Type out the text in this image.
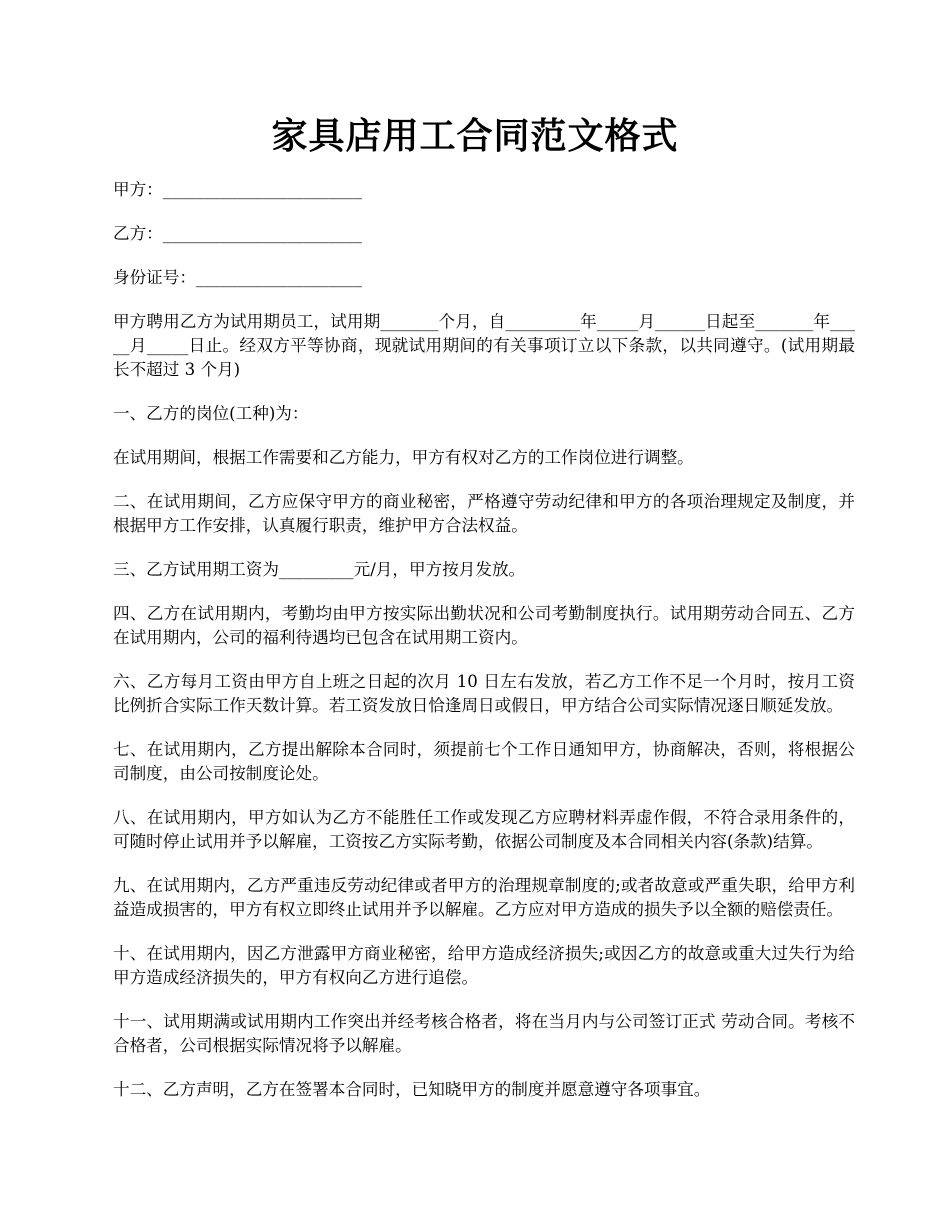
家具店用工合同范文格式

甲方：________________________

乙方：________________________

身份证号：____________________

甲方聘用乙方为试用期员工，试用期_______个月，自_________年_____月______日起至_______年_____月_____日止。经双方平等协商，现就试用期间的有关事项订立以下条款，以共同遵守。(试用期最长不超过 3 个月)

一、乙方的岗位(工种)为：

在试用期间，根据工作需要和乙方能力，甲方有权对乙方的工作岗位进行调整。

二、在试用期间，乙方应保守甲方的商业秘密，严格遵守劳动纪律和甲方的各项治理规定及制度，并根据甲方工作安排，认真履行职责，维护甲方合法权益。

三、乙方试用期工资为_________元/月，甲方按月发放。

四、乙方在试用期内，考勤均由甲方按实际出勤状况和公司考勤制度执行。试用期劳动合同五、乙方在试用期内，公司的福利待遇均已包含在试用期工资内。

六、乙方每月工资由甲方自上班之日起的次月 10 日左右发放，若乙方工作不足一个月时，按月工资比例折合实际工作天数计算。若工资发放日恰逢周日或假日，甲方结合公司实际情况逐日顺延发放。

七、在试用期内，乙方提出解除本合同时，须提前七个工作日通知甲方，协商解决，否则，将根据公司制度，由公司按制度论处。

八、在试用期内，甲方如认为乙方不能胜任工作或发现乙方应聘材料弄虚作假，不符合录用条件的，可随时停止试用并予以解雇，工资按乙方实际考勤，依据公司制度及本合同相关内容(条款)结算。

九、在试用期内，乙方严重违反劳动纪律或者甲方的治理规章制度的;或者故意或严重失职，给甲方利益造成损害的，甲方有权立即终止试用并予以解雇。乙方应对甲方造成的损失予以全额的赔偿责任。

十、在试用期内，因乙方泄露甲方商业秘密，给甲方造成经济损失;或因乙方的故意或重大过失行为给甲方造成经济损失的，甲方有权向乙方进行追偿。

十一、试用期满或试用期内工作突出并经考核合格者，将在当月内与公司签订正式 劳动合同。考核不合格者，公司根据实际情况将予以解雇。

十二、乙方声明，乙方在签署本合同时，已知晓甲方的制度并愿意遵守各项事宜。
